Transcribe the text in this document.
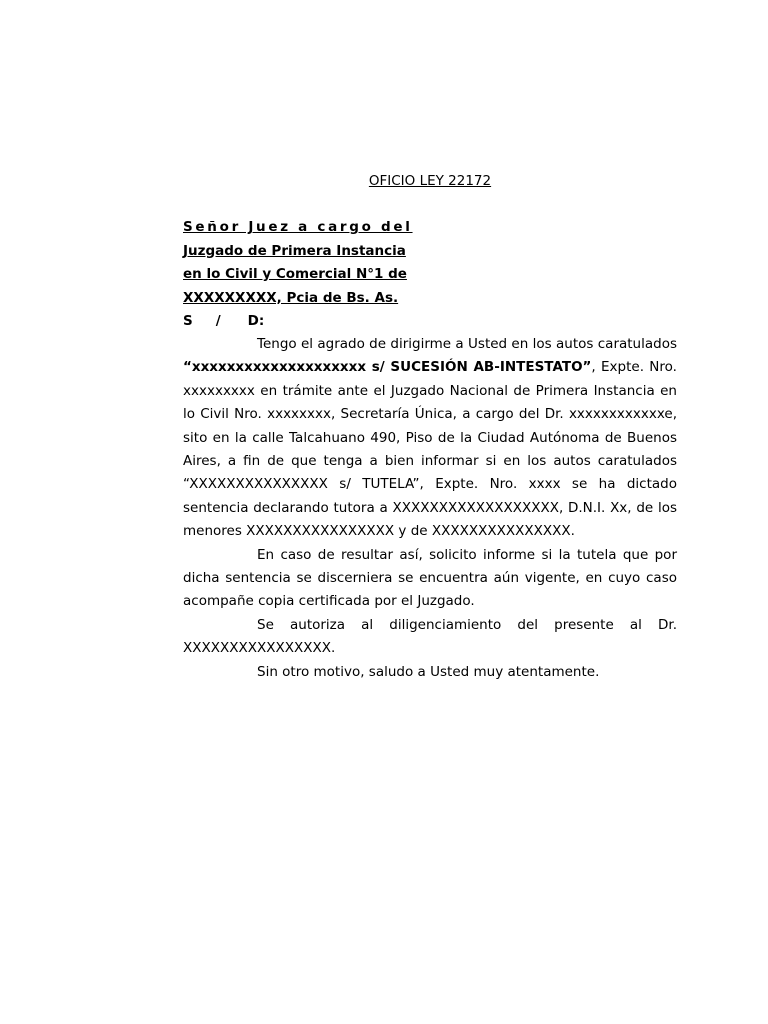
OFICIO LEY 22172
Señor Juez a cargo del
Juzgado de Primera Instancia
en lo Civil y Comercial N°1 de
XXXXXXXXX, Pcia de Bs. As.
S / D:

Tengo el agrado de dirigirme a Usted en los autos caratulados “xxxxxxxxxxxxxxxxxxxx s/ SUCESIÓN AB-INTESTATO”, Expte. Nro. xxxxxxxxx en trámite ante el Juzgado Nacional de Primera Instancia en lo Civil Nro. xxxxxxxx, Secretaría Única, a cargo del Dr. xxxxxxxxxxxxe, sito en la calle Talcahuano 490, Piso de la Ciudad Autónoma de Buenos Aires, a fin de que tenga a bien informar si en los autos caratulados “XXXXXXXXXXXXXXX s/ TUTELA”, Expte. Nro. xxxx se ha dictado sentencia declarando tutora a XXXXXXXXXXXXXXXXXX, D.N.I. Xx, de los menores XXXXXXXXXXXXXXXX y de XXXXXXXXXXXXXXX.

En caso de resultar así, solicito informe si la tutela que por dicha sentencia se discerniera se encuentra aún vigente, en cuyo caso acompañe copia certificada por el Juzgado.

Se autoriza al diligenciamiento del presente al Dr. XXXXXXXXXXXXXXXX.

Sin otro motivo, saludo a Usted muy atentamente.
